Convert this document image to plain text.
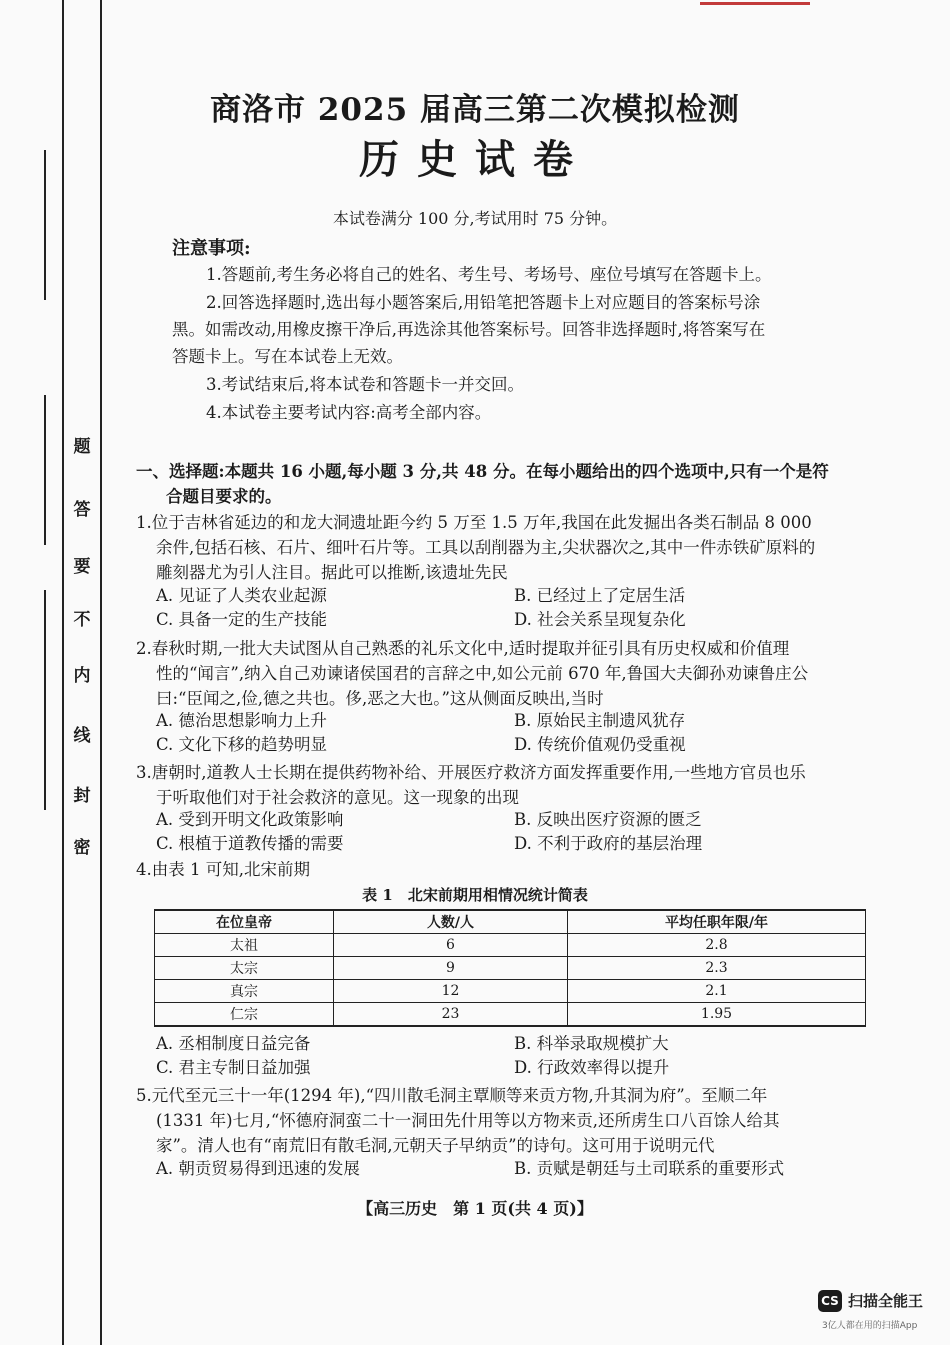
题
答
要
不
内
线
封
密
商洛市 2025 届高三第二次模拟检测
历史试卷
本试卷满分 100 分,考试用时 75 分钟。
注意事项:
1.答题前,考生务必将自己的姓名、考生号、考场号、座位号填写在答题卡上。
2.回答选择题时,选出每小题答案后,用铅笔把答题卡上对应题目的答案标号涂
黑。如需改动,用橡皮擦干净后,再选涂其他答案标号。回答非选择题时,将答案写在
答题卡上。写在本试卷上无效。
3.考试结束后,将本试卷和答题卡一并交回。
4.本试卷主要考试内容:高考全部内容。
一、选择题:本题共 16 小题,每小题 3 分,共 48 分。在每小题给出的四个选项中,只有一个是符
合题目要求的。
1.位于吉林省延边的和龙大洞遗址距今约 5 万至 1.5 万年,我国在此发掘出各类石制品 8 000
余件,包括石核、石片、细叶石片等。工具以刮削器为主,尖状器次之,其中一件赤铁矿原料的
雕刻器尤为引人注目。据此可以推断,该遗址先民
A. 见证了人类农业起源	B. 已经过上了定居生活
C. 具备一定的生产技能	D. 社会关系呈现复杂化
2.春秋时期,一批大夫试图从自己熟悉的礼乐文化中,适时提取并征引具有历史权威和价值理
性的“闻言”,纳入自己劝谏诸侯国君的言辞之中,如公元前 670 年,鲁国大夫御孙劝谏鲁庄公
曰:“臣闻之,俭,德之共也。侈,恶之大也。”这从侧面反映出,当时
A. 德治思想影响力上升	B. 原始民主制遗风犹存
C. 文化下移的趋势明显	D. 传统价值观仍受重视
3.唐朝时,道教人士长期在提供药物补给、开展医疗救济方面发挥重要作用,一些地方官员也乐
于听取他们对于社会救济的意见。这一现象的出现
A. 受到开明文化政策影响	B. 反映出医疗资源的匮乏
C. 根植于道教传播的需要	D. 不利于政府的基层治理
4.由表 1 可知,北宋前期
表 1　北宋前期用相情况统计简表
在位皇帝	人数/人	平均任职年限/年
太祖	6	2.8
太宗	9	2.3
真宗	12	2.1
仁宗	23	1.95
A. 丞相制度日益完备	B. 科举录取规模扩大
C. 君主专制日益加强	D. 行政效率得以提升
5.元代至元三十一年(1294 年),“四川散毛洞主覃顺等来贡方物,升其洞为府”。至顺二年
(1331 年)七月,“怀德府洞蛮二十一洞田先什用等以方物来贡,还所虏生口八百馀人给其
家”。清人也有“南荒旧有散毛洞,元朝天子早纳贡”的诗句。这可用于说明元代
A. 朝贡贸易得到迅速的发展	B. 贡赋是朝廷与土司联系的重要形式
【高三历史　第 1 页(共 4 页)】
CS 扫描全能王
3亿人都在用的扫描App
